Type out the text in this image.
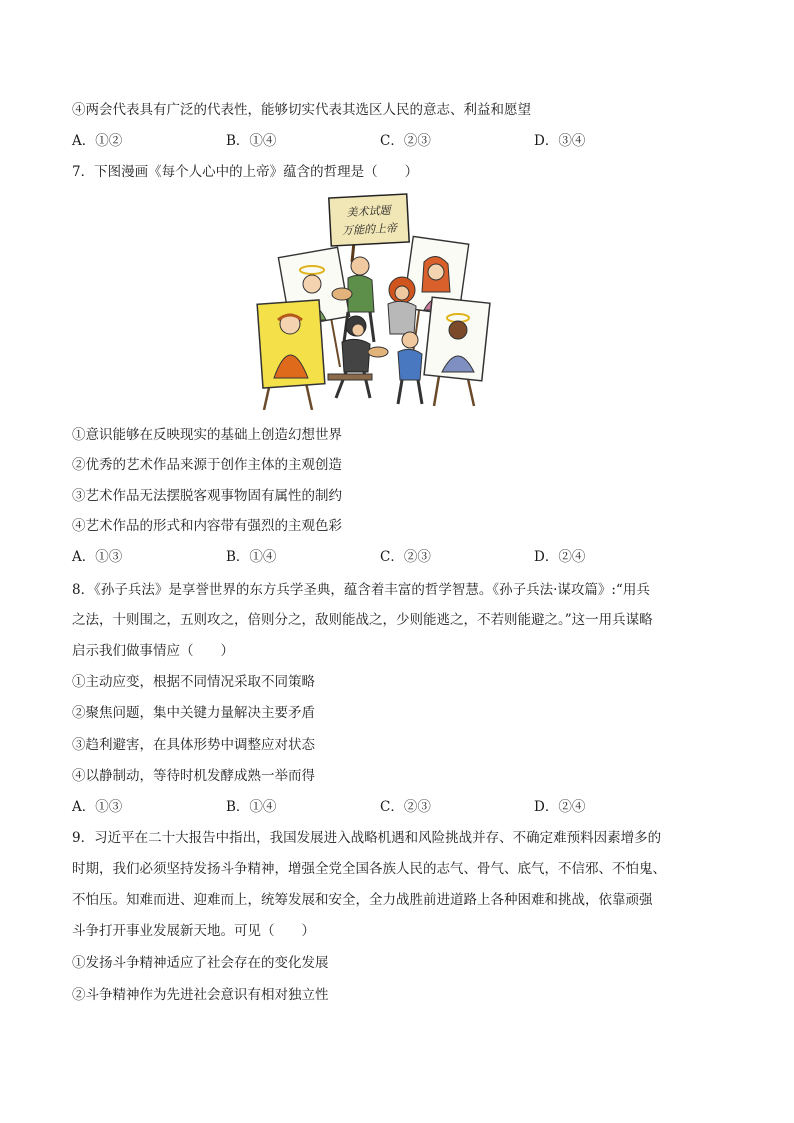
④两会代表具有广泛的代表性，能够切实代表其选区人民的意志、利益和愿望
A．①②	B．①④	C．②③	D．③④
7．下图漫画《每个人心中的上帝》蕴含的哲理是（　　）
美术试题
万能的上帝
①意识能够在反映现实的基础上创造幻想世界
②优秀的艺术作品来源于创作主体的主观创造
③艺术作品无法摆脱客观事物固有属性的制约
④艺术作品的形式和内容带有强烈的主观色彩
A．①③	B．①④	C．②③	D．②④
8．《孙子兵法》是享誉世界的东方兵学圣典，蕴含着丰富的哲学智慧。《孙子兵法·谋攻篇》:“用兵
之法，十则围之，五则攻之，倍则分之，敌则能战之，少则能逃之，不若则能避之。”这一用兵谋略
启示我们做事情应（　　）
①主动应变，根据不同情况采取不同策略
②聚焦问题，集中关键力量解决主要矛盾
③趋利避害，在具体形势中调整应对状态
④以静制动，等待时机发酵成熟一举而得
A．①③	B．①④	C．②③	D．②④
9．习近平在二十大报告中指出，我国发展进入战略机遇和风险挑战并存、不确定难预料因素增多的
时期，我们必须坚持发扬斗争精神，增强全党全国各族人民的志气、骨气、底气，不信邪、不怕鬼、
不怕压。知难而进、迎难而上，统筹发展和安全，全力战胜前进道路上各种困难和挑战，依靠顽强
斗争打开事业发展新天地。可见（　　）
①发扬斗争精神适应了社会存在的变化发展
②斗争精神作为先进社会意识有相对独立性
